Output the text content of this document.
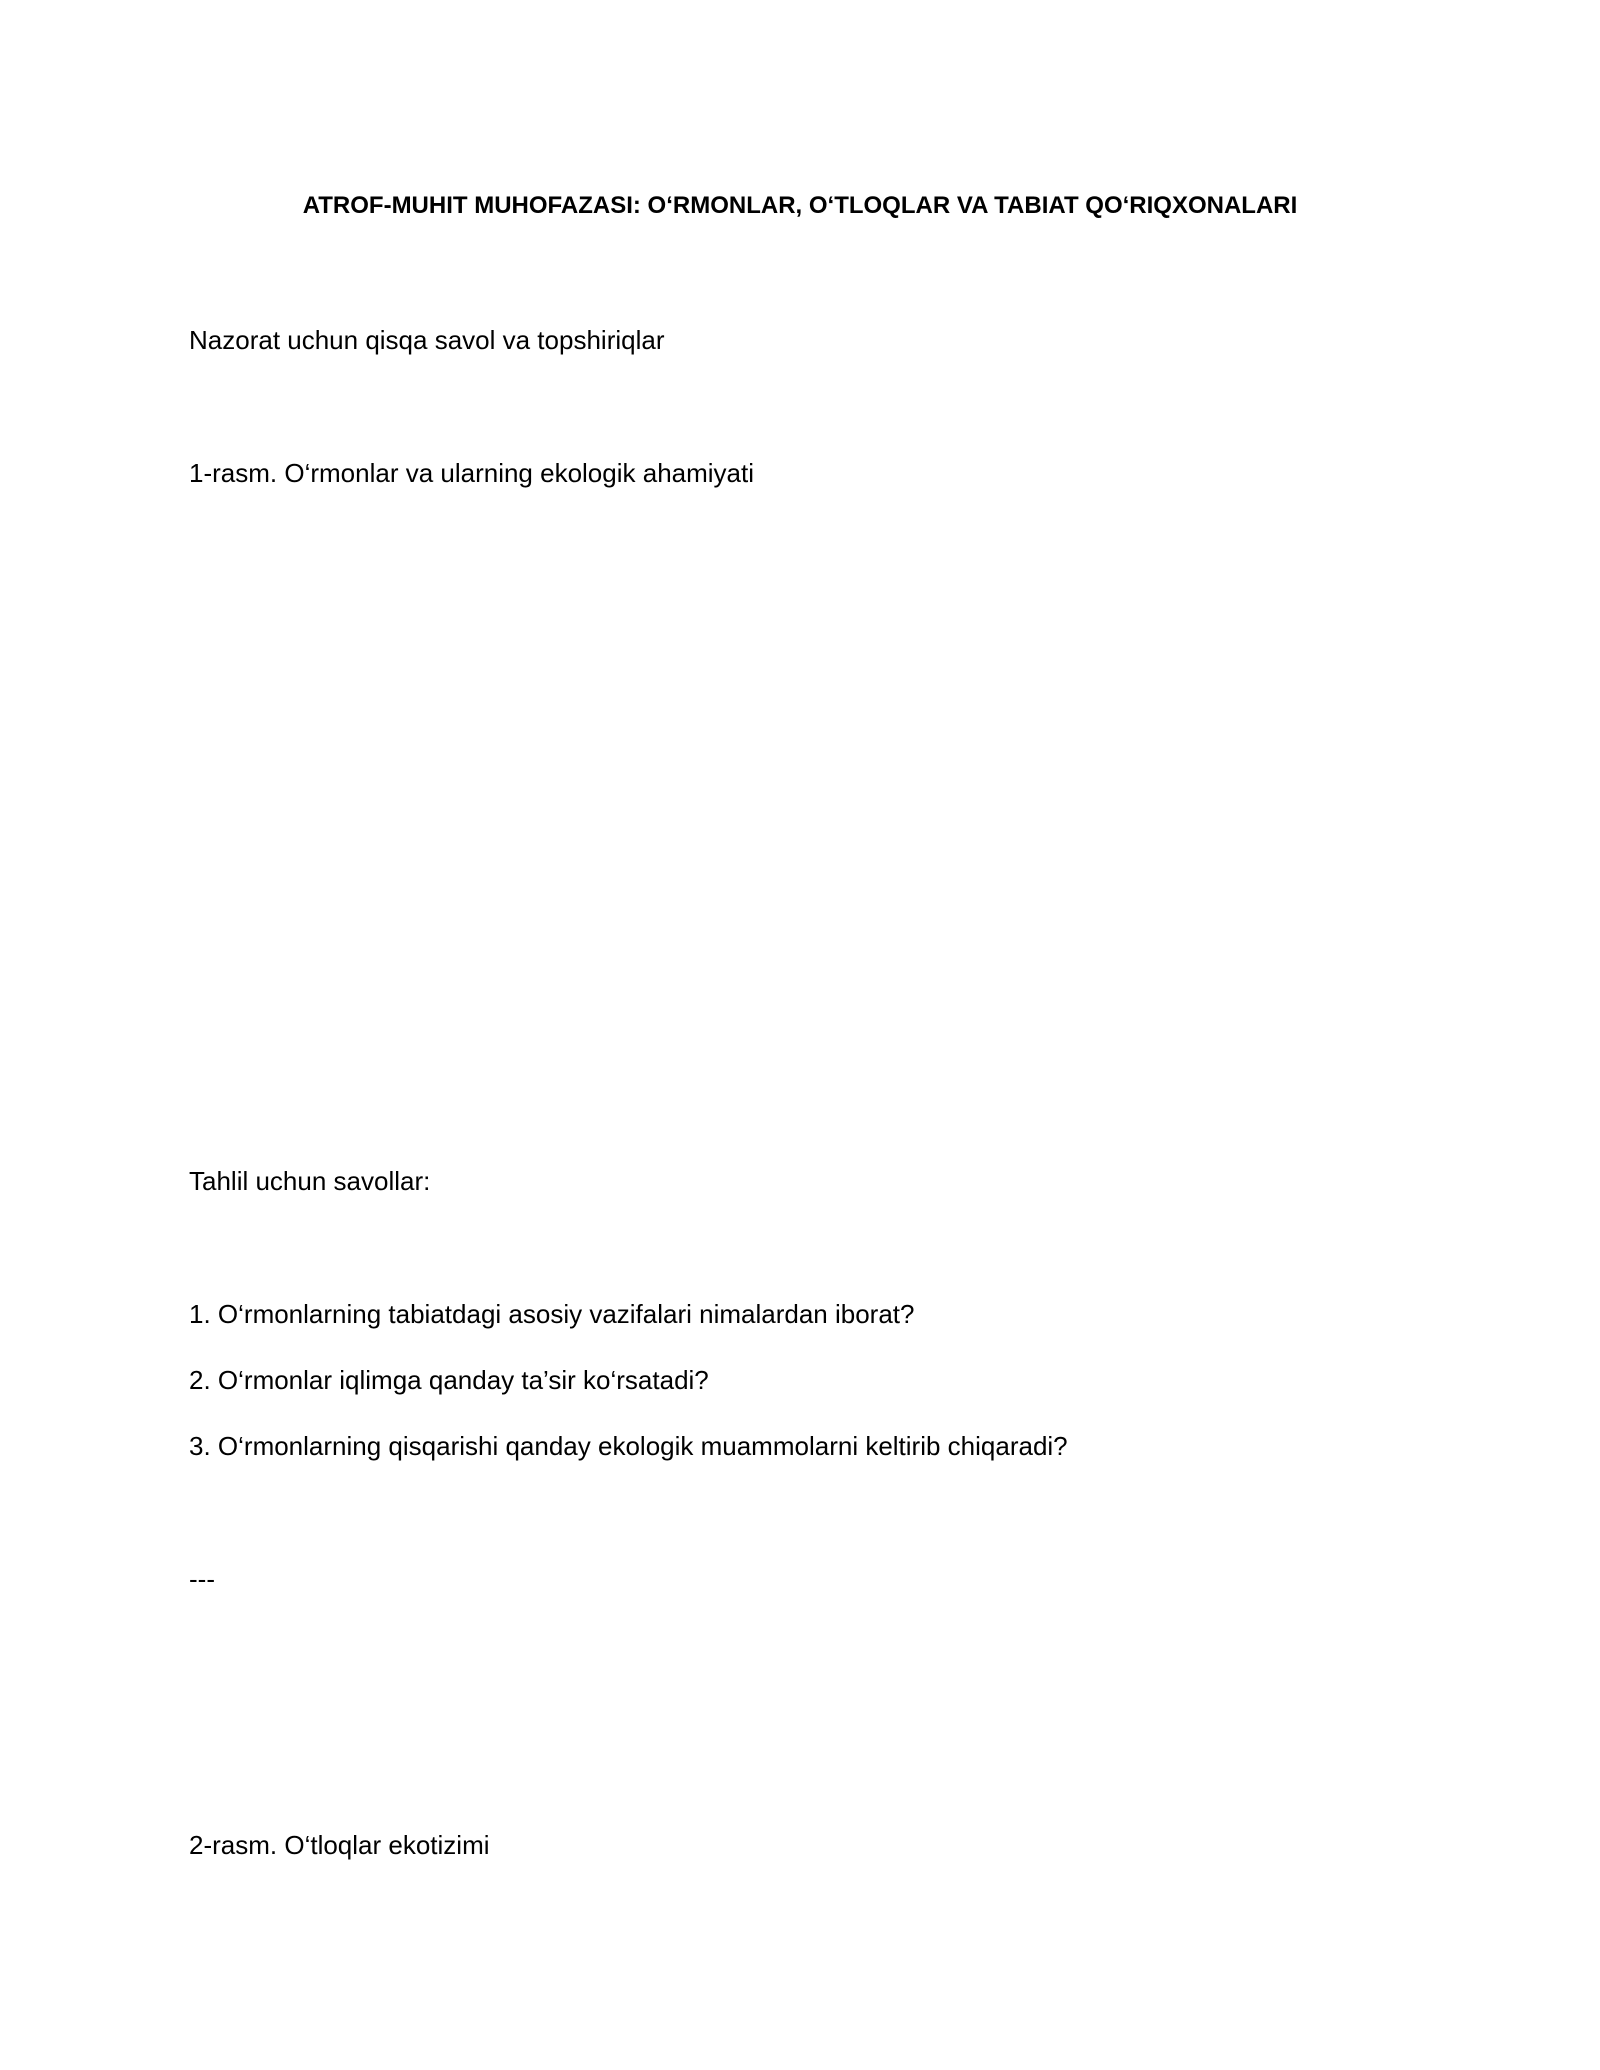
ATROF-MUHIT MUHOFAZASI: O‘RMONLAR, O‘TLOQLAR VA TABIAT QO‘RIQXONALARI
Nazorat uchun qisqa savol va topshiriqlar
1-rasm. O‘rmonlar va ularning ekologik ahamiyati
Tahlil uchun savollar:
1. O‘rmonlarning tabiatdagi asosiy vazifalari nimalardan iborat?
2. O‘rmonlar iqlimga qanday ta’sir ko‘rsatadi?
3. O‘rmonlarning qisqarishi qanday ekologik muammolarni keltirib chiqaradi?
---
2-rasm. O‘tloqlar ekotizimi
